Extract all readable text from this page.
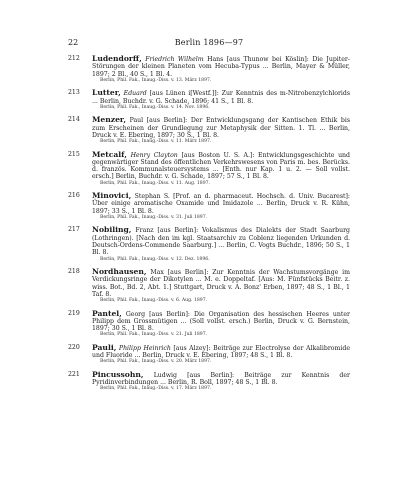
22	Berlin 1896—97
212 Ludendorff, Friedrich Wilhelm Hans [aus Thunow bei Köslin]: Die Jupiter-Störungen der kleinen Planeten vom Hecuba-Typus ... Berlin, Mayer & Müller, 1897; 2 Bl., 40 S., 1 Bl. 4.
Berlin, Phil. Fak., Inaug.-Diss. v. 13. März 1897.
213 Lutter, Eduard [aus Lünen i[Westf.]]: Zur Kenntnis des m-Nitrobenzylchlorids ... Berlin, Buchdr. v. G. Schade, 1896; 41 S., 1 Bl. 8.
Berlin, Phil. Fak., Inaug.-Diss. v. 14. Nov. 1896.
214 Menzer, Paul [aus Berlin]: Der Entwicklungsgang der Kantischen Ethik bis zum Erscheinen der Grundlegung zur Metaphysik der Sitten. 1. Tl. ... Berlin, Druck v. E. Ebering, 1897; 30 S., 1 Bl. 8.
Berlin, Phil. Fak., Inaug.-Diss. v. 11. März 1897.
215 Metcalf, Henry Clayton [aus Boston U. S. A.]: Entwicklungsgeschichte und gegenwärtiger Stand des öffentlichen Verkehrswesens von Paris m. bes. Berücks. d. französ. Kommunalsteuersystems ... [Enth. nur Kap. 1 u. 2. — Soll vollst. ersch.] Berlin, Buchdr. v. G. Schade, 1897; 57 S., 1 Bl. 8.
Berlin, Phil. Fak., Inaug.-Diss. v. 11. Aug. 1897.
216 Minovici, Stephan S. [Prof. an d. pharmaceut. Hochsch. d. Univ. Bucarest]: Über einige aromatische Oxamide und Imidazole ... Berlin, Druck v. R. Kühn, 1897; 33 S., 1 Bl. 8.
Berlin, Phil. Fak., Inaug.-Diss. v. 31. Juli 1897.
217 Nobiling, Franz [aus Berlin]: Vokalismus des Dialekts der Stadt Saarburg (Lothringen). [Nach den im kgl. Staatsarchiv zu Coblenz liegenden Urkunden d. Deutsch-Ordens-Commende Saarburg.] ... Berlin, C. Vogts Buchdr., 1896; 50 S., 1 Bl. 8.
Berlin, Phil. Fak., Inaug.-Diss. v. 12. Dez. 1896.
218 Nordhausen, Max [aus Berlin]: Zur Kenntnis der Wachstumsvorgänge im Verdickungsringe der Dikotylen ... M. e. Doppeltaf. [Aus: M. Fünfstücks Beitr. z. wiss. Bot., Bd. 2, Abt. 1.] Stuttgart, Druck v. A. Bonz' Erben, 1897; 48 S., 1 Bl., 1 Taf. 8.
Berlin, Phil. Fak., Inaug.-Diss. v. 6. Aug. 1897.
219 Pantel, Georg [aus Berlin]: Die Organisation des hessischen Heeres unter Philipp dem Grossmütigen ... (Soll vollst. ersch.) Berlin, Druck v. G. Bernstein, 1897; 30 S., 1 Bl. 8.
Berlin, Phil. Fak., Inaug.-Diss. v. 21. Juli 1897.
220 Pauli, Philipp Heinrich [aus Alzey]: Beiträge zur Electrolyse der Alkalibromide und Fluoride ... Berlin, Druck v. E. Ebering, 1897; 48 S., 1 Bl. 8.
Berlin, Phil. Fak., Inaug.-Diss. v. 20. März 1897.
221 Pincussohn, Ludwig [aus Berlin]: Beiträge zur Kenntnis der Pyridinverbindungen ... Berlin, R. Boll, 1897; 48 S., 1 Bl. 8.
Berlin, Phil. Fak., Inaug.-Diss. v. 17. März 1897.
